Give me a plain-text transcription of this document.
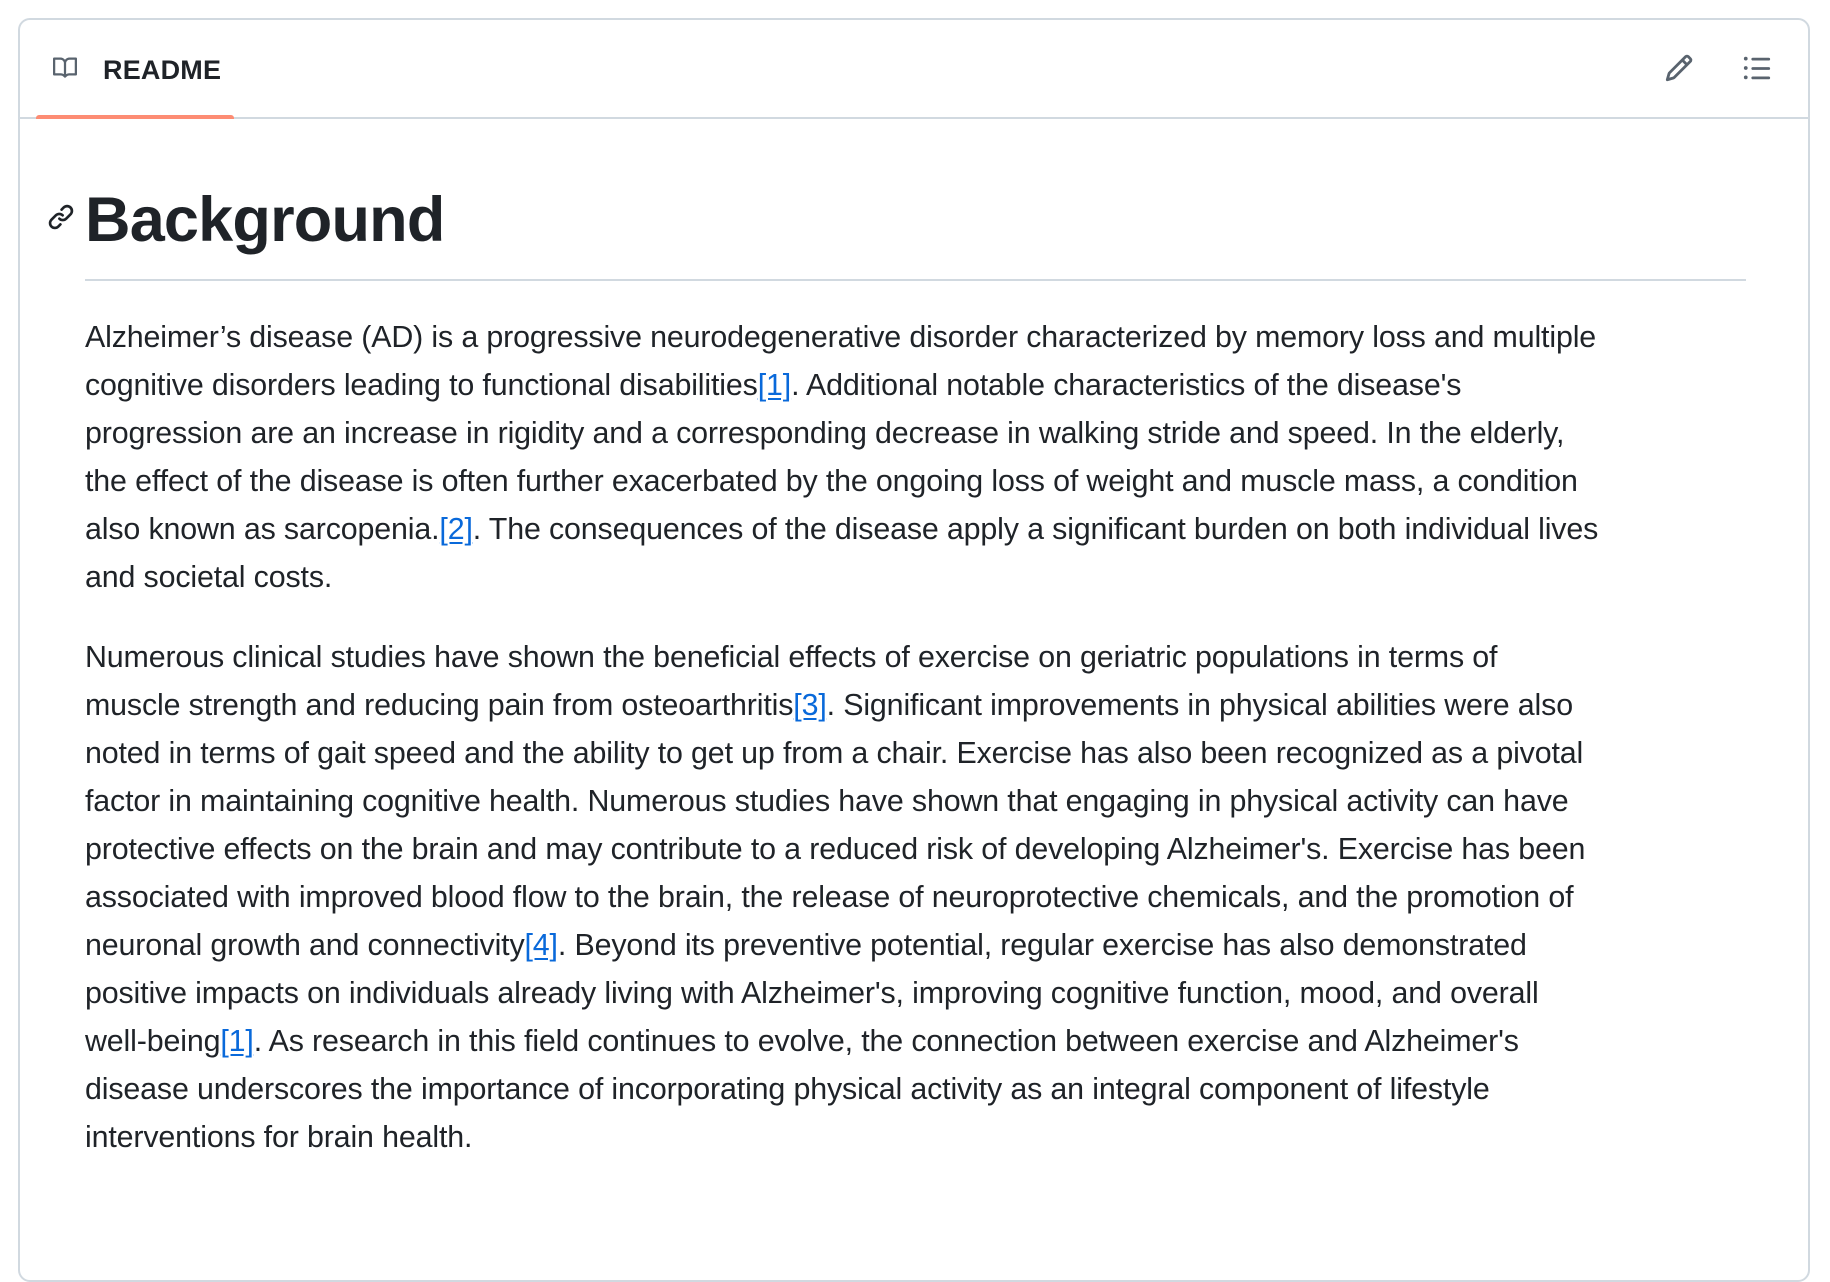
README
Background

Alzheimer’s disease (AD) is a progressive neurodegenerative disorder characterized by memory loss and multiple
cognitive disorders leading to functional disabilities[1]. Additional notable characteristics of the disease's
progression are an increase in rigidity and a corresponding decrease in walking stride and speed. In the elderly,
the effect of the disease is often further exacerbated by the ongoing loss of weight and muscle mass, a condition
also known as sarcopenia.[2]. The consequences of the disease apply a significant burden on both individual lives
and societal costs.

Numerous clinical studies have shown the beneficial effects of exercise on geriatric populations in terms of
muscle strength and reducing pain from osteoarthritis[3]. Significant improvements in physical abilities were also
noted in terms of gait speed and the ability to get up from a chair. Exercise has also been recognized as a pivotal
factor in maintaining cognitive health. Numerous studies have shown that engaging in physical activity can have
protective effects on the brain and may contribute to a reduced risk of developing Alzheimer's. Exercise has been
associated with improved blood flow to the brain, the release of neuroprotective chemicals, and the promotion of
neuronal growth and connectivity[4]. Beyond its preventive potential, regular exercise has also demonstrated
positive impacts on individuals already living with Alzheimer's, improving cognitive function, mood, and overall
well-being[1]. As research in this field continues to evolve, the connection between exercise and Alzheimer's
disease underscores the importance of incorporating physical activity as an integral component of lifestyle
interventions for brain health.
